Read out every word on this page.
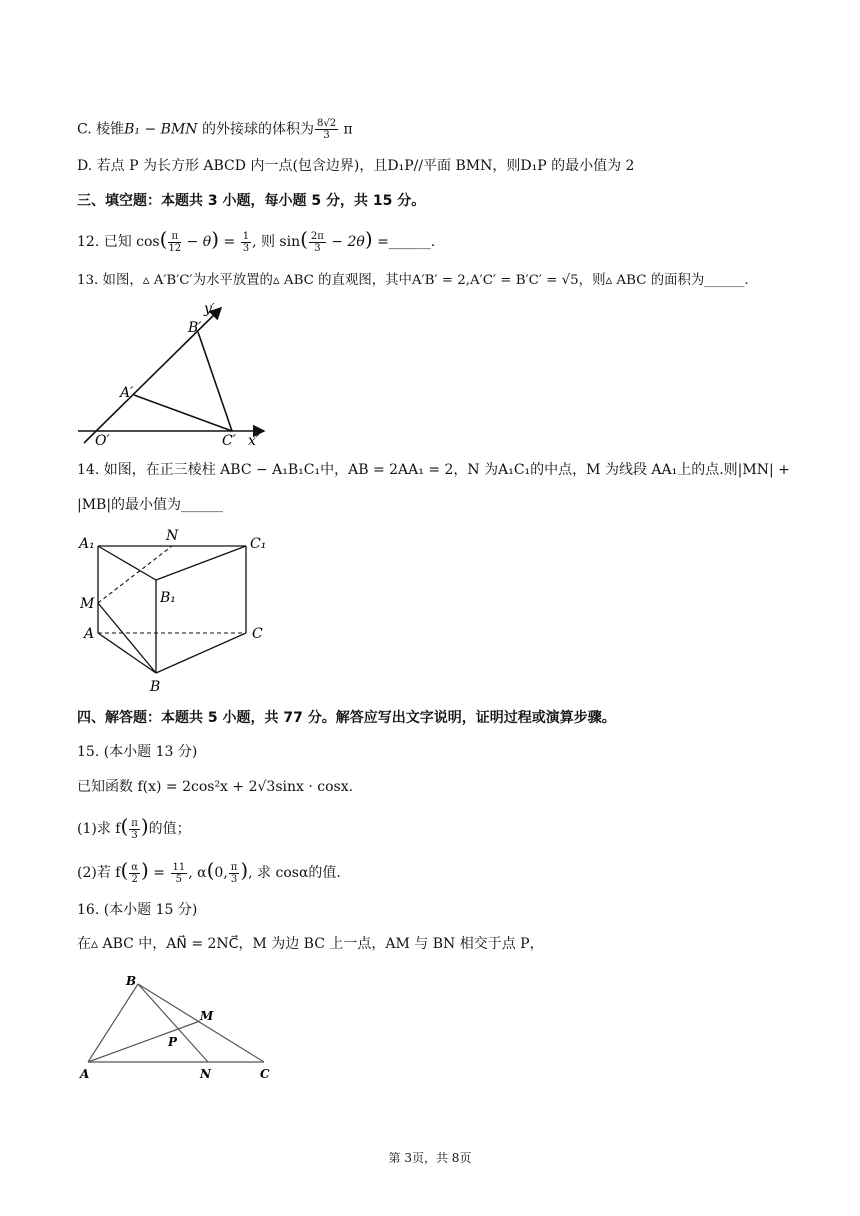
C. 棱锥B₁ − BMN 的外接球的体积为 $\frac{8√2}{3}$ π
D. 若点 P 为长方形 ABCD 内一点(包含边界)，且D₁P//平面 BMN，则D₁P 的最小值为 2
三、填空题：本题共 3 小题，每小题 5 分，共 15 分。
12. 已知 $\cos( \frac{\pi}{12} - \theta) = \frac{1}{3}$ , 则 $\sin( \frac{2\pi}{3} - 2\theta)$ =______.
13. 如图，▵ A′B′C′为水平放置的▵ ABC 的直观图，其中A′B′ = 2,A′C′ = B′C′ = √5，则▵ ABC 的面积为______.
y′
B′
A′
O′	C′ x′
14. 如图，在正三棱柱 ABC − A₁B₁C₁中，AB = 2AA₁ = 2，N 为A₁C₁的中点，M 为线段 AA₁上的点.则|MN| +
|MB|的最小值为______
A₁	N	C₁
M	B₁
A	C
B
四、解答题：本题共 5 小题，共 77 分。解答应写出文字说明，证明过程或演算步骤。
15. (本小题 13 分)
已知函数 f(x) = 2cos²x + 2√3sinx · cosx.
(1)求 $f( \frac{\pi}{3}$ )的值；
(2)若 $f( \frac{\alpha}{2}$ ) = $\frac{11}{5}$ , α(0, $\frac{\pi}{3}$ ), 求 cosα的值.
16. (本小题 15 分)
在▵ ABC 中，AN⃗ = 2NC⃗，M 为边 BC 上一点，AM 与 BN 相交于点 P，
B
M
P
A	N	C
第 3页，共 8页
